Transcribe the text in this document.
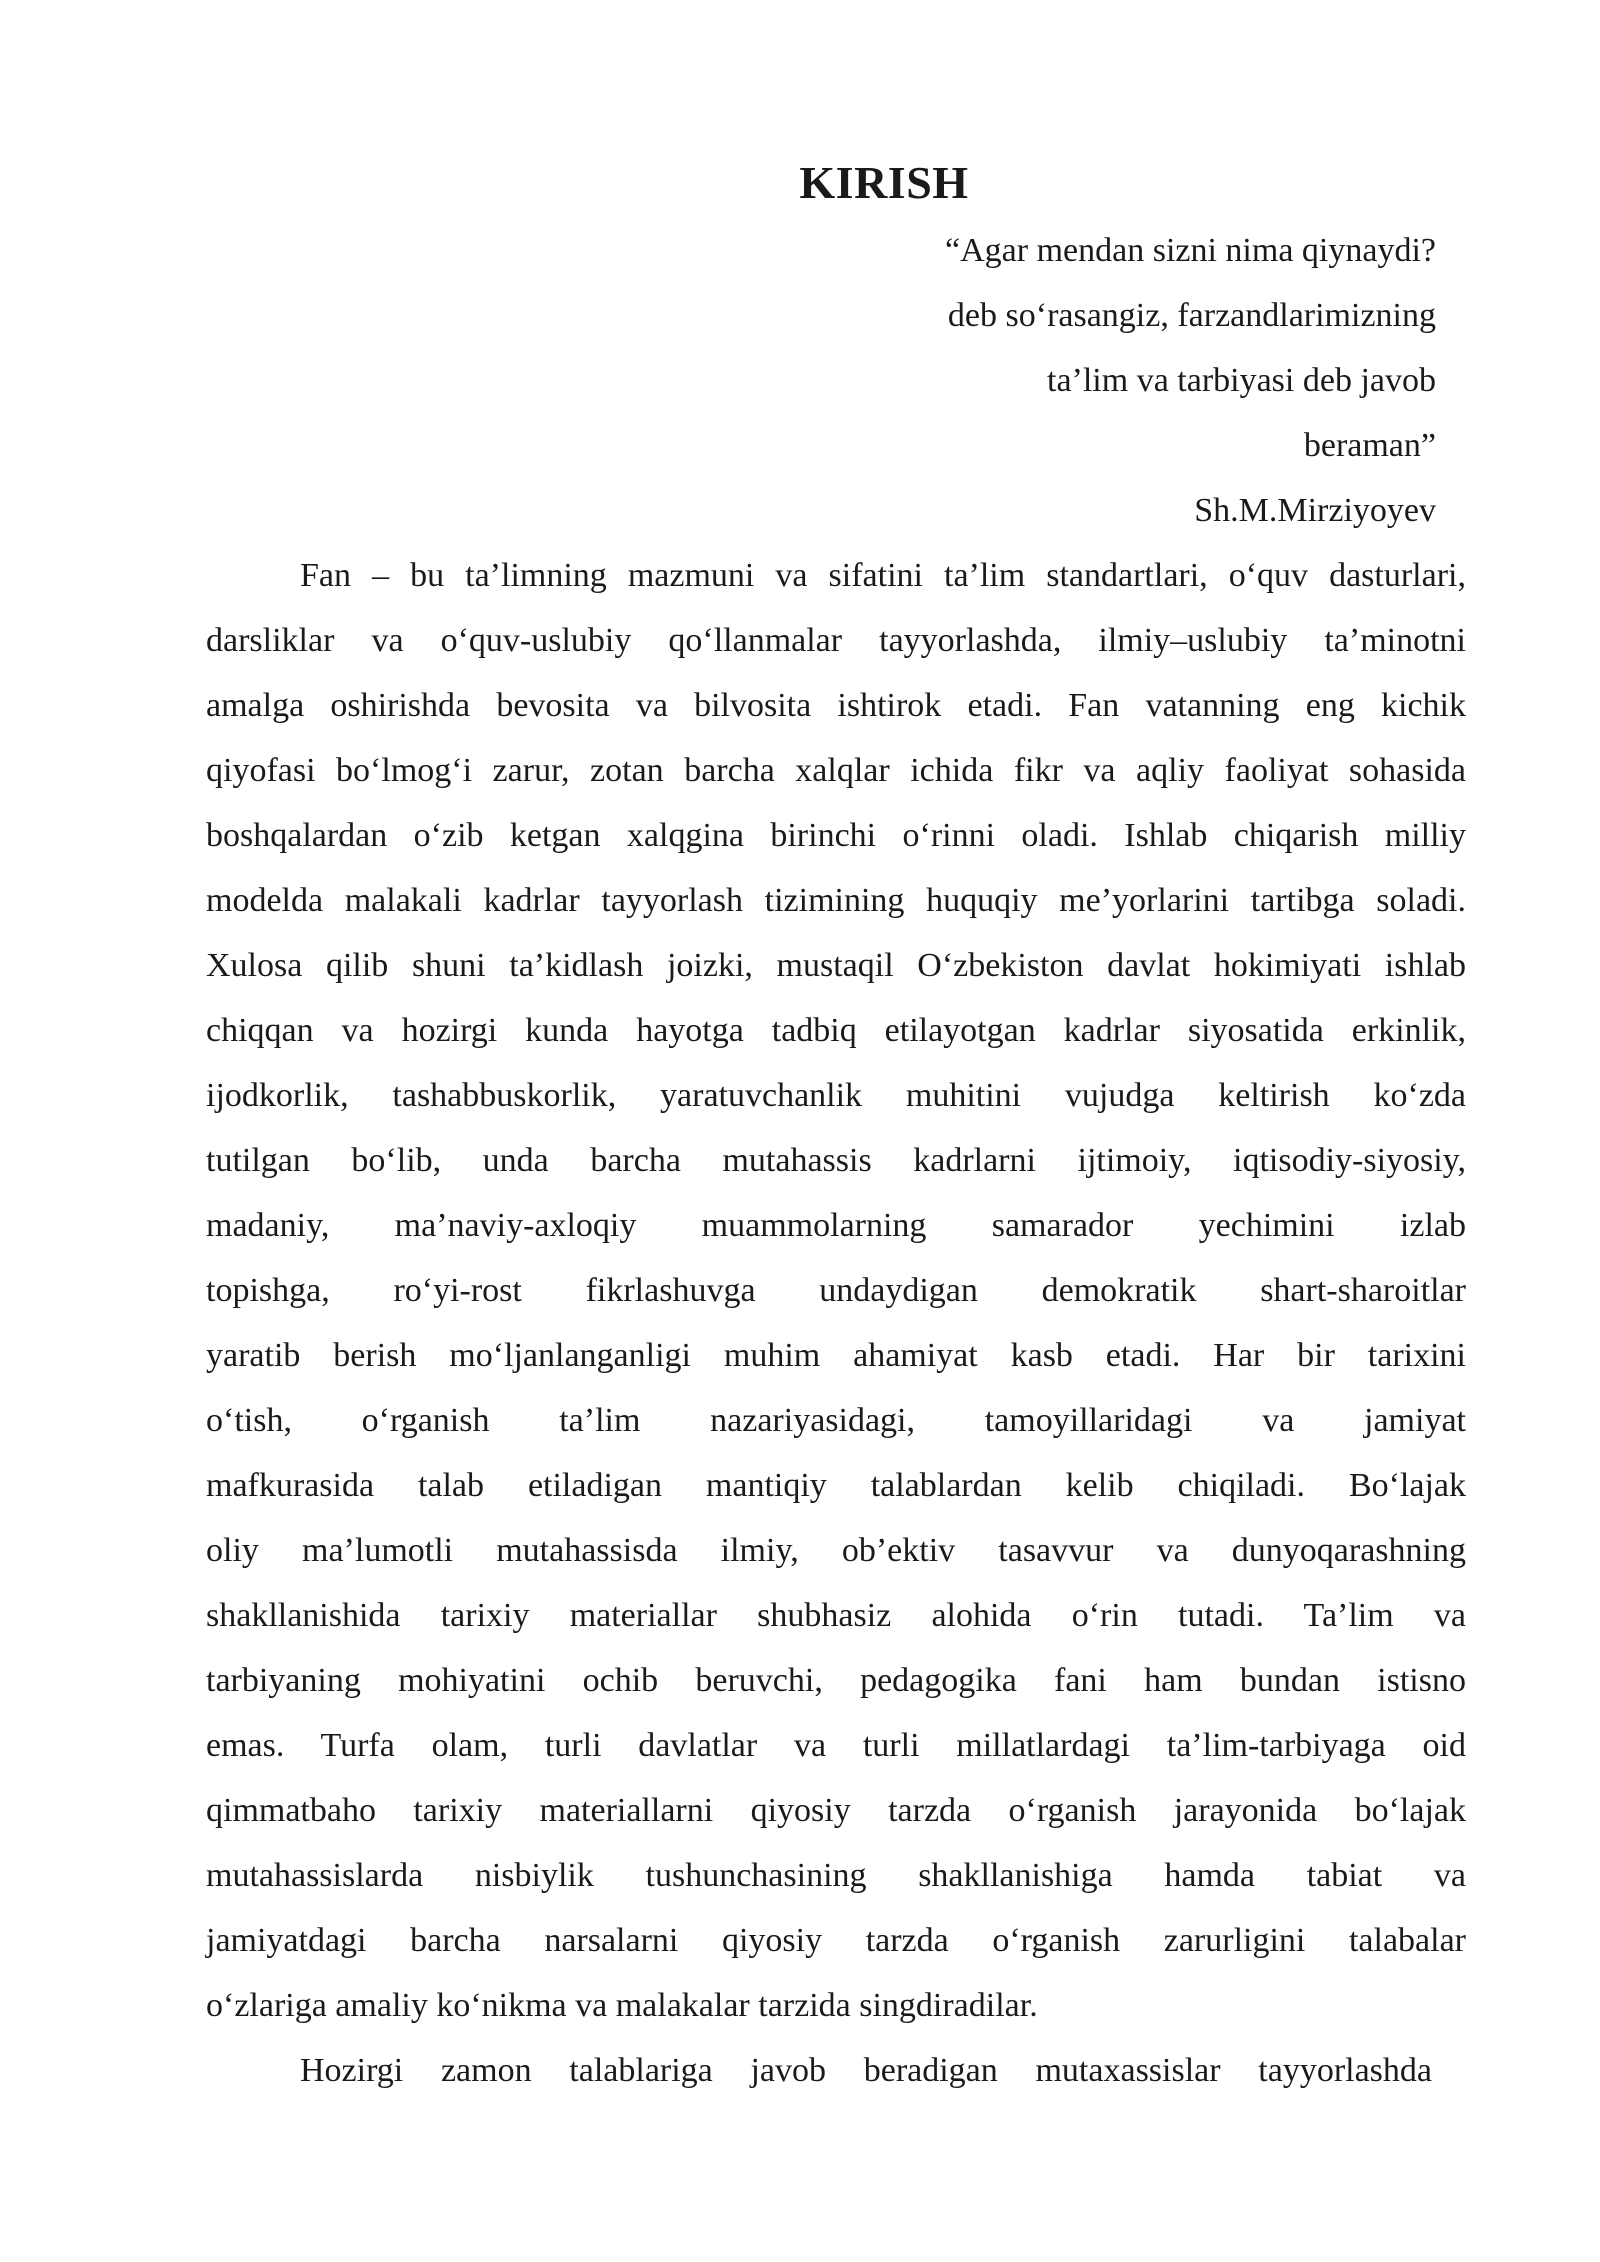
KIRISH
“Agar mendan sizni nima qiynaydi?
deb so‘rasangiz, farzandlarimizning
ta’lim va tarbiyasi deb javob
beraman”
Sh.M.Mirziyoyev
Fan – bu ta’limning mazmuni va sifatini ta’lim standartlari, o‘quv dasturlari,
darsliklar va o‘quv-uslubiy qo‘llanmalar tayyorlashda, ilmiy–uslubiy ta’minotni
amalga oshirishda bevosita va bilvosita ishtirok etadi. Fan vatanning eng kichik
qiyofasi bo‘lmog‘i zarur, zotan barcha xalqlar ichida fikr va aqliy faoliyat sohasida
boshqalardan o‘zib ketgan xalqgina birinchi o‘rinni oladi. Ishlab chiqarish milliy
modelda malakali kadrlar tayyorlash tizimining huquqiy me’yorlarini tartibga soladi.
Xulosa qilib shuni ta’kidlash joizki, mustaqil O‘zbekiston davlat hokimiyati ishlab
chiqqan va hozirgi kunda hayotga tadbiq etilayotgan kadrlar siyosatida erkinlik,
ijodkorlik, tashabbuskorlik, yaratuvchanlik muhitini vujudga keltirish ko‘zda
tutilgan bo‘lib, unda barcha mutahassis kadrlarni ijtimoiy, iqtisodiy-siyosiy,
madaniy, ma’naviy-axloqiy muammolarning samarador yechimini izlab
topishga, ro‘yi-rost fikrlashuvga undaydigan demokratik shart-sharoitlar
yaratib berish mo‘ljanlanganligi muhim ahamiyat kasb etadi. Har bir tarixini
o‘tish, o‘rganish ta’lim nazariyasidagi, tamoyillaridagi va jamiyat
mafkurasida talab etiladigan mantiqiy talablardan kelib chiqiladi. Bo‘lajak
oliy ma’lumotli mutahassisda ilmiy, ob’ektiv tasavvur va dunyoqarashning
shakllanishida tarixiy materiallar shubhasiz alohida o‘rin tutadi. Ta’lim va
tarbiyaning mohiyatini ochib beruvchi, pedagogika fani ham bundan istisno
emas. Turfa olam, turli davlatlar va turli millatlardagi ta’lim-tarbiyaga oid
qimmatbaho tarixiy materiallarni qiyosiy tarzda o‘rganish jarayonida bo‘lajak
mutahassislarda nisbiylik tushunchasining shakllanishiga hamda tabiat va
jamiyatdagi barcha narsalarni qiyosiy tarzda o‘rganish zarurligini talabalar
o‘zlariga amaliy ko‘nikma va malakalar tarzida singdiradilar.
Hozirgi zamon talablariga javob beradigan mutaxassislar tayyorlashda
